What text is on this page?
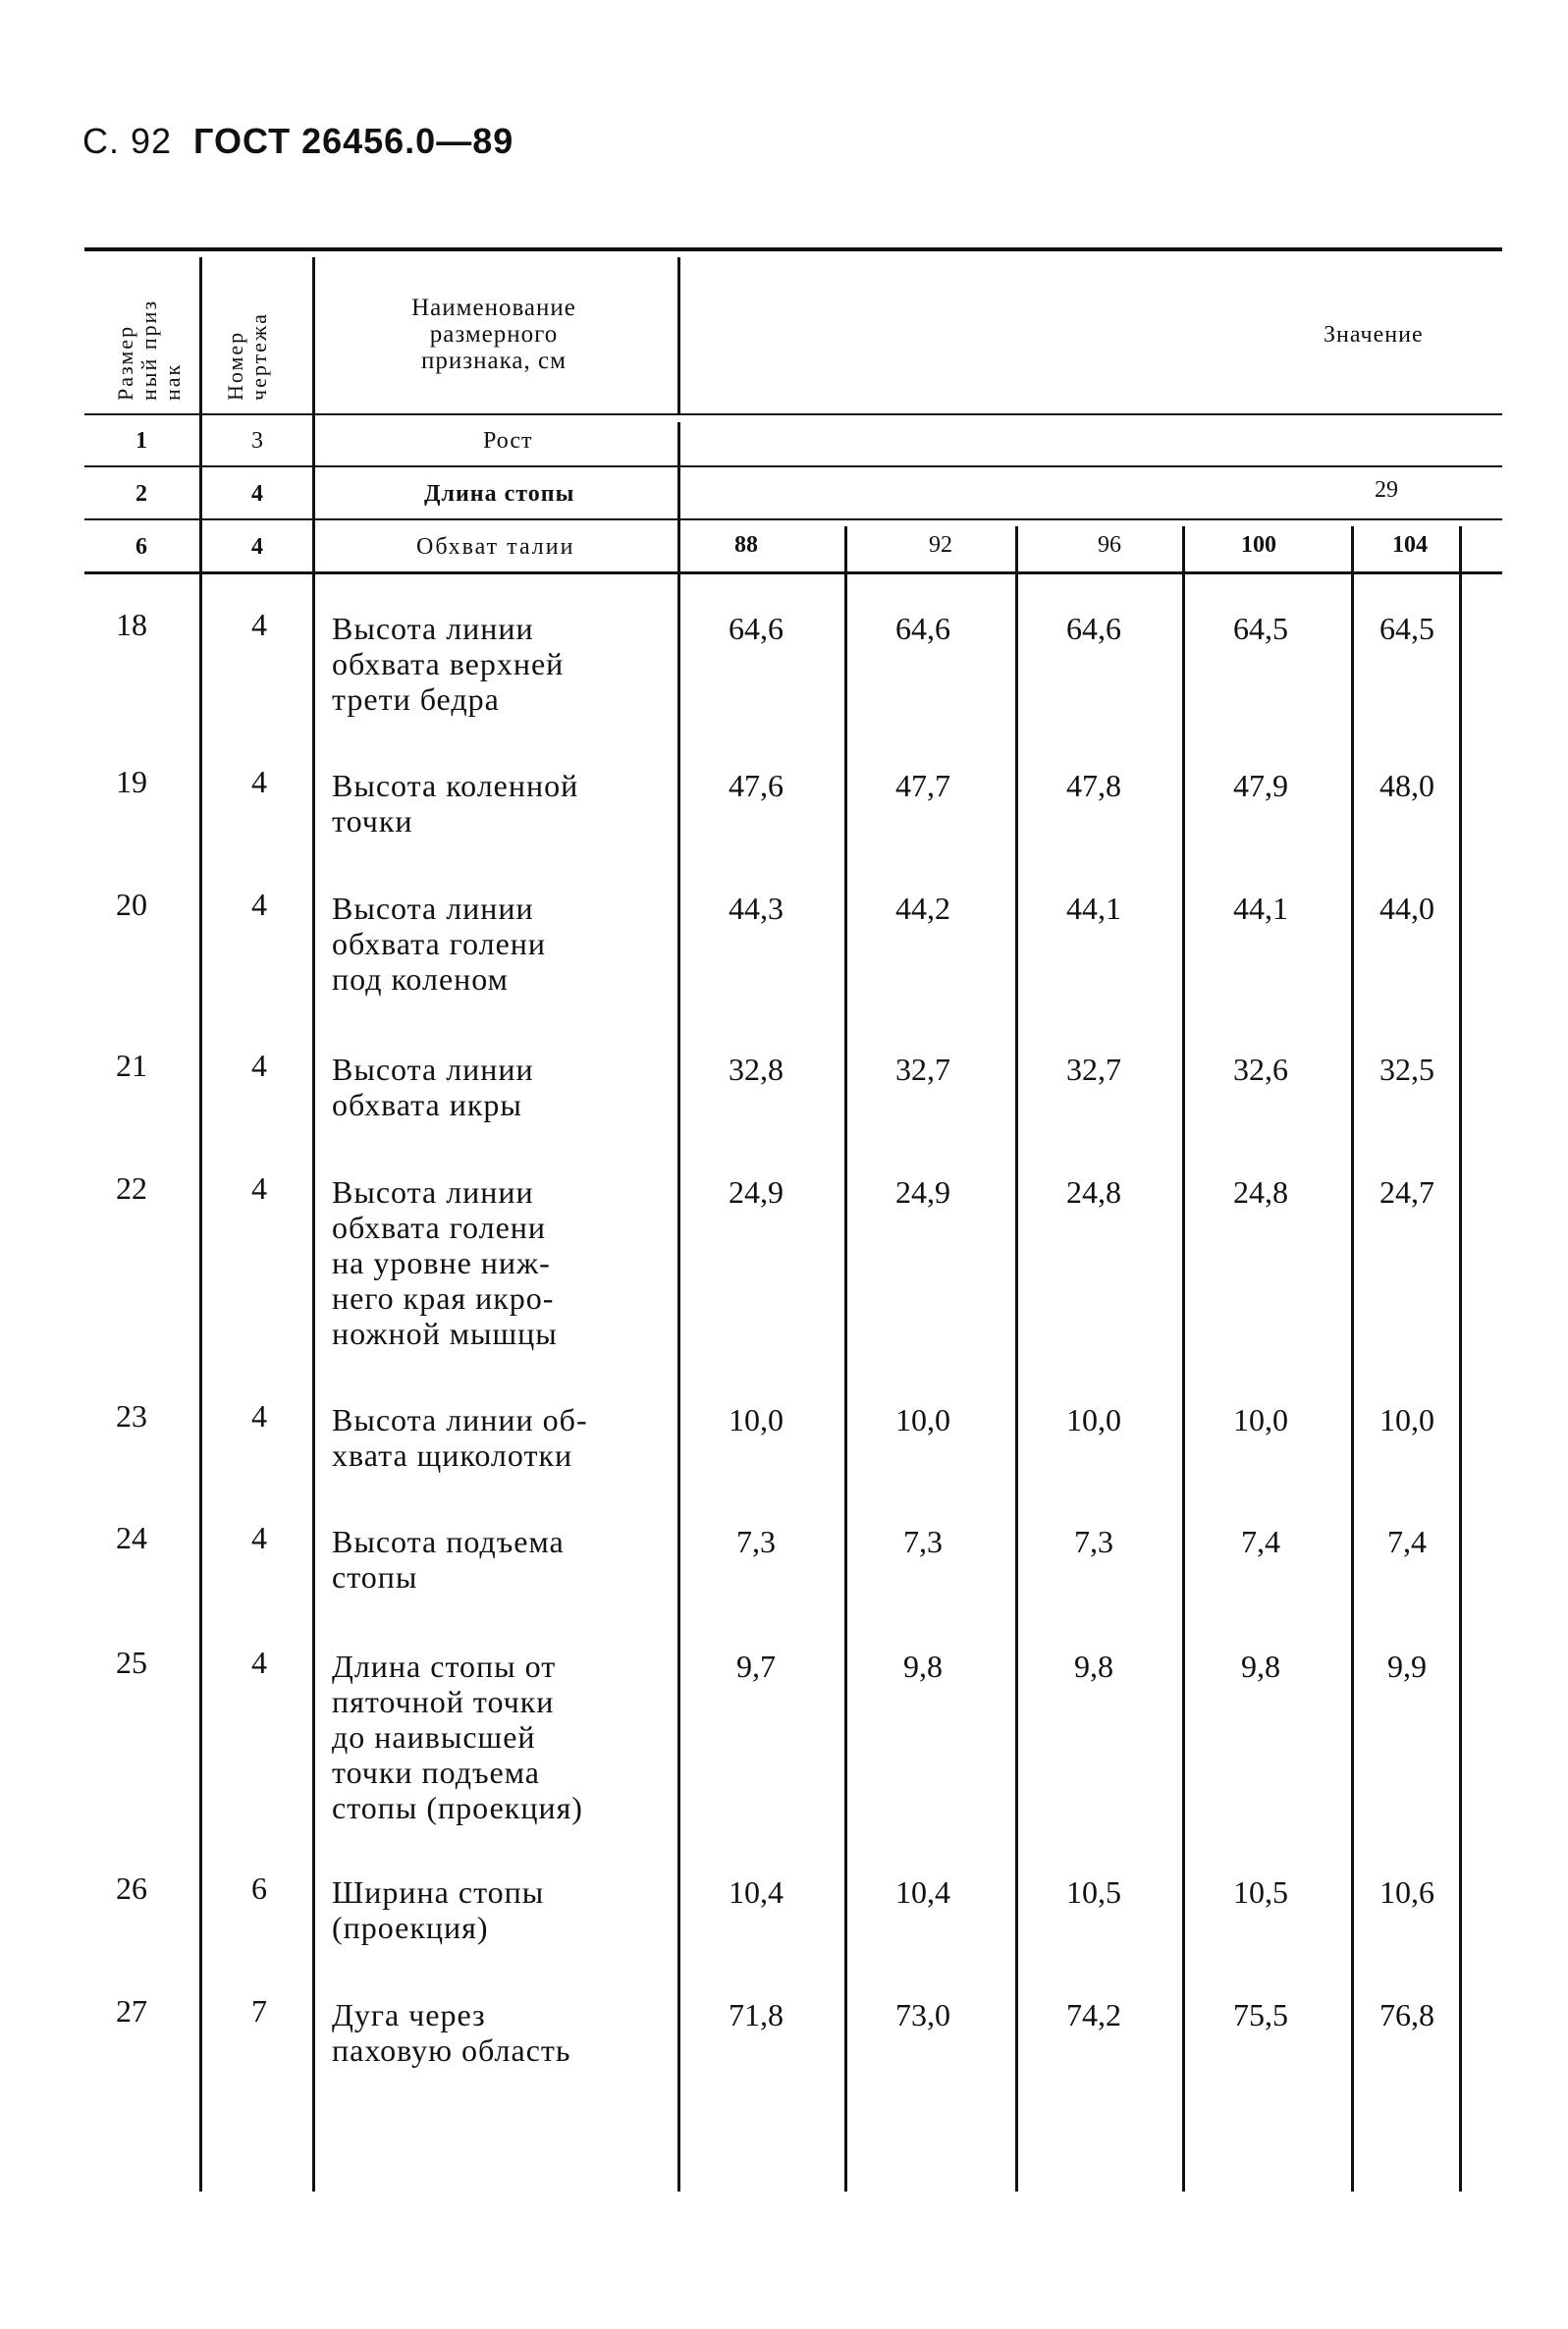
С. 92 ГОСТ 26456.0—89
Размер ный приз нак Номер чертежа
Наименование
размерного
признака, см
Значение
1	3	Рост
2	4	Длина стопы	29
6	4	Обхват талии	88	92	96	100	104
18	4 Высота линии
обхвата верхней
трети бедра
64,6	64,6	64,6	64,5	64,5
19	4 Высота коленной
точки
47,6	47,7	47,8	47,9	48,0
20	4 Высота линии
обхвата голени
под коленом
44,3	44,2	44,1	44,1	44,0
21	4 Высота линии
обхвата икры
32,8	32,7	32,7	32,6	32,5
22	4 Высота линии
обхвата голени
на уровне ниж-
него края икро-
ножной мышцы
24,9	24,9	24,8	24,8	24,7
23	4 Высота линии об-
хвата щиколотки
10,0	10,0	10,0	10,0	10,0
24	4 Высота подъема
стопы
7,3	7,3	7,3	7,4	7,4
25	4 Длина стопы от
пяточной точки
до наивысшей
точки подъема
стопы (проекция)
9,7	9,8	9,8	9,8	9,9
26	6 Ширина стопы
(проекция)
10,4	10,4	10,5	10,5	10,6
27	7 Дуга через
паховую область
71,8	73,0	74,2	75,5	76,8
